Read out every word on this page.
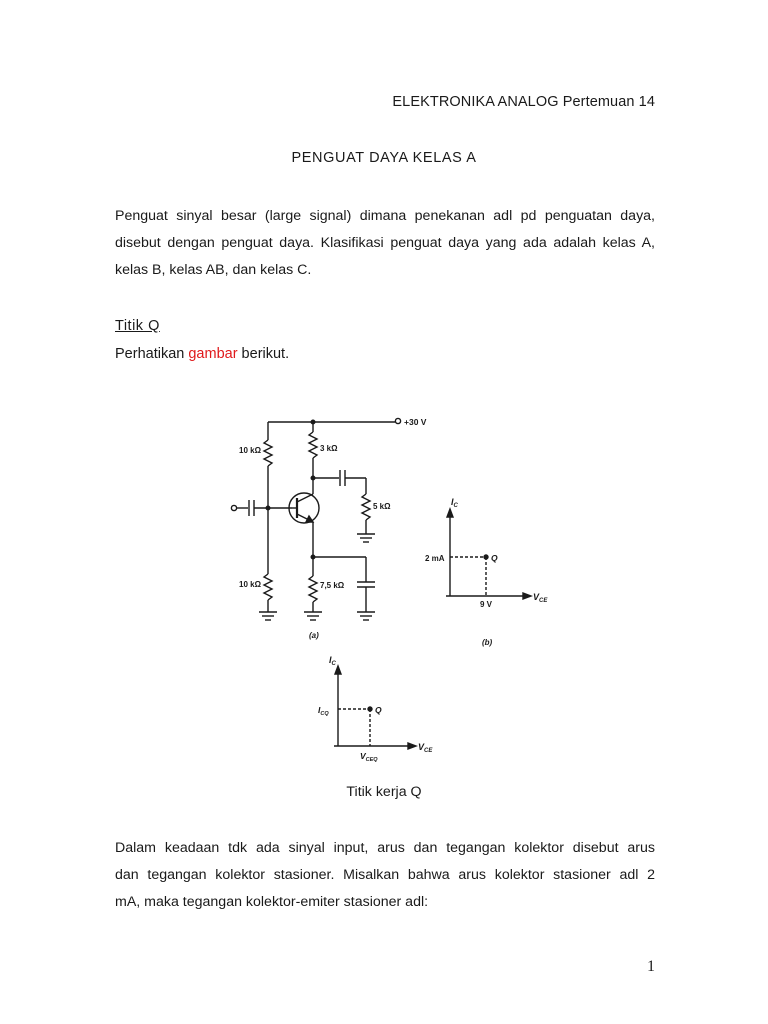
ELEKTRONIKA ANALOG Pertemuan 14
PENGUAT DAYA KELAS A
Penguat sinyal besar (large signal) dimana penekanan adl pd penguatan daya,
disebut dengan penguat daya. Klasifikasi penguat daya yang ada adalah kelas A,
kelas B, kelas AB, dan kelas C.
Titik Q
Perhatikan gambar berikut.
+30 V
10 kΩ
10 kΩ
3 kΩ
7,5 kΩ
5 kΩ
(a)
$I_C$
$V_{CE}$
2 mA
9 V
Q
(b)
$I_C$
$V_{CE}$
$I_{CQ}$
$V_{CEQ}$
Q
Titik kerja Q
Dalam keadaan tdk ada sinyal input, arus dan tegangan kolektor disebut arus
dan tegangan kolektor stasioner. Misalkan bahwa arus kolektor stasioner adl 2
mA, maka tegangan kolektor-emiter stasioner adl:
1
